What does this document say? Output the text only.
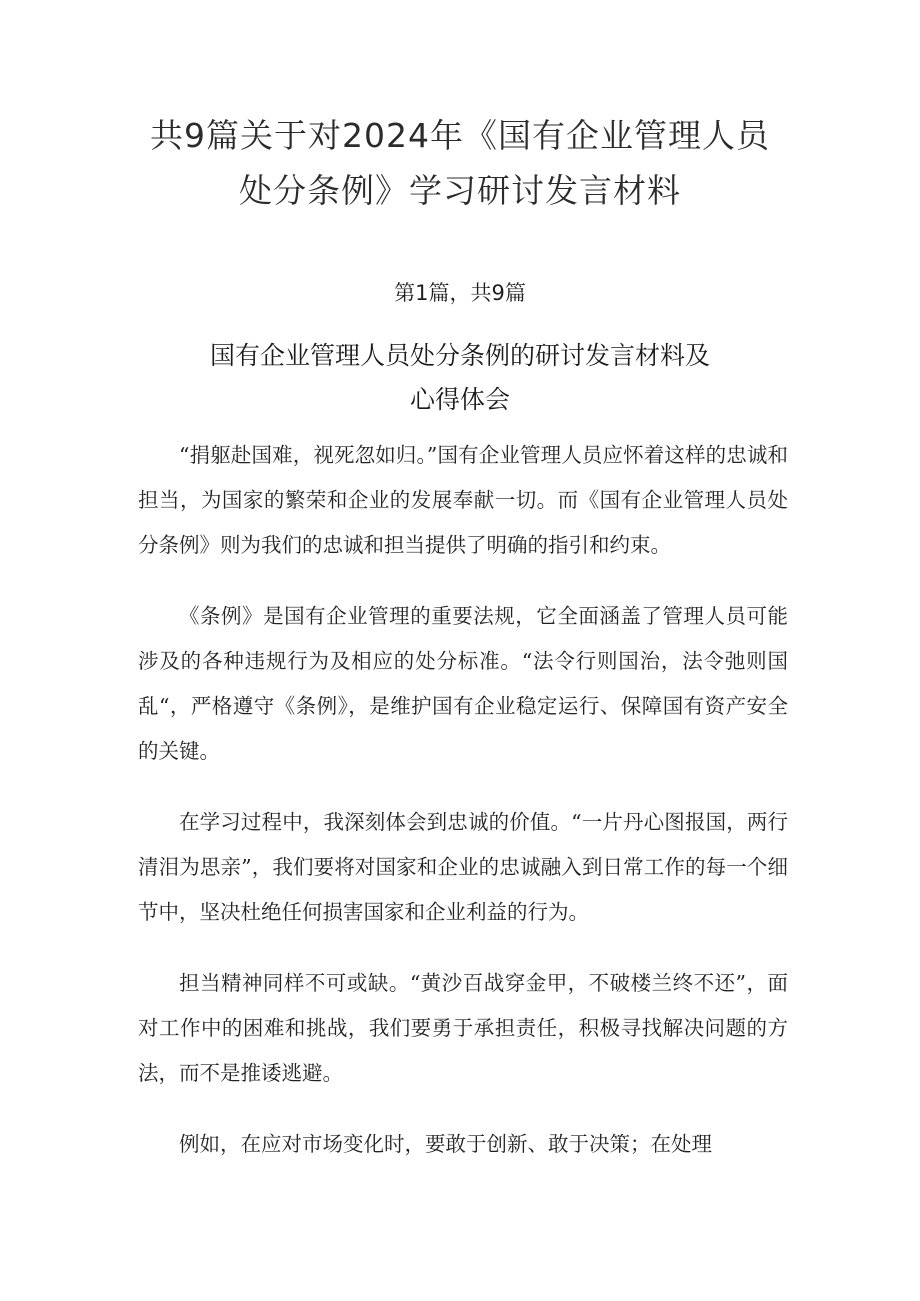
共9篇关于对2024年《国有企业管理人员
处分条例》学习研讨发言材料
第1篇，共9篇
国有企业管理人员处分条例的研讨发言材料及
心得体会

“捐躯赴国难，视死忽如归。”国有企业管理人员应怀着这样的忠诚和担当，为国家的繁荣和企业的发展奉献一切。而《国有企业管理人员处分条例》则为我们的忠诚和担当提供了明确的指引和约束。

《条例》是国有企业管理的重要法规，它全面涵盖了管理人员可能涉及的各种违规行为及相应的处分标准。“法令行则国治，法令弛则国乱“，严格遵守《条例》，是维护国有企业稳定运行、保障国有资产安全的关键。

在学习过程中，我深刻体会到忠诚的价值。“一片丹心图报国，两行清泪为思亲”，我们要将对国家和企业的忠诚融入到日常工作的每一个细节中，坚决杜绝任何损害国家和企业利益的行为。

担当精神同样不可或缺。“黄沙百战穿金甲，不破楼兰终不还”，面对工作中的困难和挑战，我们要勇于承担责任，积极寻找解决问题的方法，而不是推诿逃避。

例如，在应对市场变化时，要敢于创新、敢于决策；在处理
